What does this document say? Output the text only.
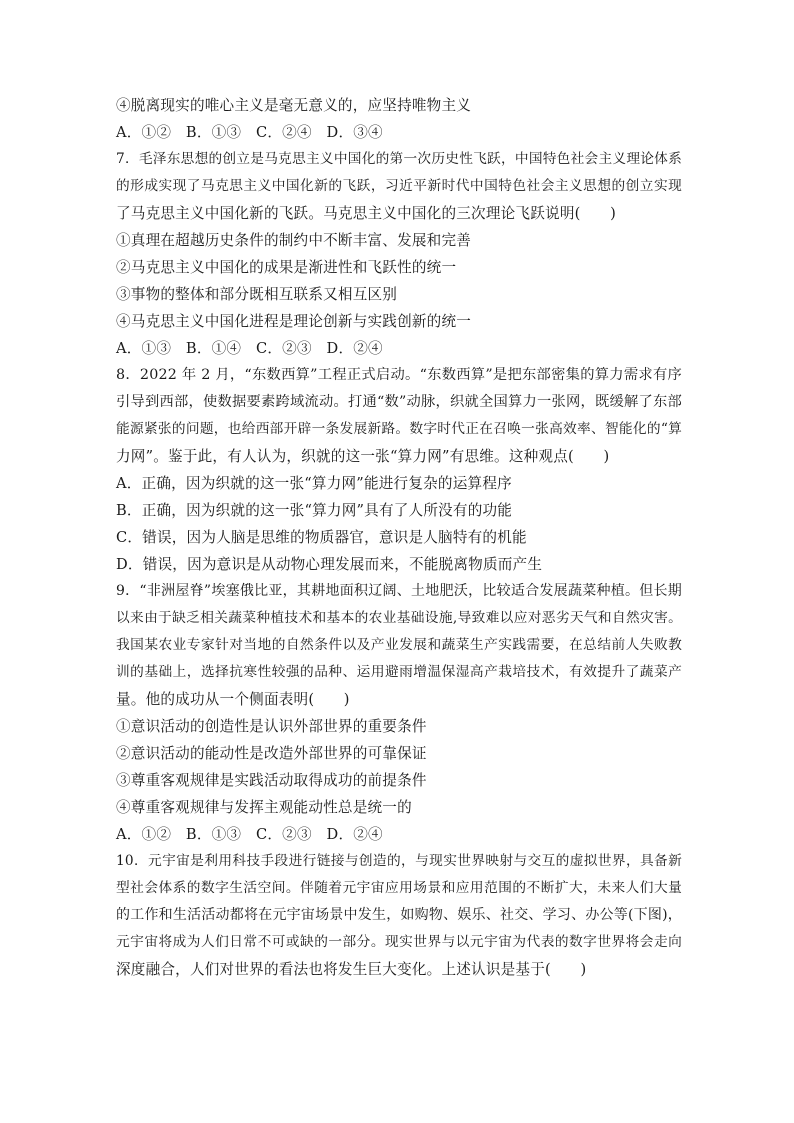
④脱离现实的唯心主义是毫无意义的，应坚持唯物主义
A．①②　B．①③　C．②④　D．③④
7．毛泽东思想的创立是马克思主义中国化的第一次历史性飞跃，中国特色社会主义理论体系
的形成实现了马克思主义中国化新的飞跃，习近平新时代中国特色社会主义思想的创立实现
了马克思主义中国化新的飞跃。马克思主义中国化的三次理论飞跃说明(　　)
①真理在超越历史条件的制约中不断丰富、发展和完善
②马克思主义中国化的成果是渐进性和飞跃性的统一
③事物的整体和部分既相互联系又相互区别
④马克思主义中国化进程是理论创新与实践创新的统一
A．①③　B．①④　C．②③　D．②④
8．2022 年 2 月，“东数西算”工程正式启动。“东数西算”是把东部密集的算力需求有序
引导到西部，使数据要素跨域流动。打通“数”动脉，织就全国算力一张网，既缓解了东部
能源紧张的问题，也给西部开辟一条发展新路。数字时代正在召唤一张高效率、智能化的“算
力网”。鉴于此，有人认为，织就的这一张“算力网”有思维。这种观点(　　)
A．正确，因为织就的这一张“算力网”能进行复杂的运算程序
B．正确，因为织就的这一张“算力网”具有了人所没有的功能
C．错误，因为人脑是思维的物质器官，意识是人脑特有的机能
D．错误，因为意识是从动物心理发展而来，不能脱离物质而产生
9．“非洲屋脊”埃塞俄比亚，其耕地面积辽阔、土地肥沃，比较适合发展蔬菜种植。但长期
以来由于缺乏相关蔬菜种植技术和基本的农业基础设施,导致难以应对恶劣天气和自然灾害。
我国某农业专家针对当地的自然条件以及产业发展和蔬菜生产实践需要，在总结前人失败教
训的基础上，选择抗寒性较强的品种、运用避雨增温保湿高产栽培技术，有效提升了蔬菜产
量。他的成功从一个侧面表明(　　)
①意识活动的创造性是认识外部世界的重要条件
②意识活动的能动性是改造外部世界的可靠保证
③尊重客观规律是实践活动取得成功的前提条件
④尊重客观规律与发挥主观能动性总是统一的
A．①②　B．①③　C．②③　D．②④
10．元宇宙是利用科技手段进行链接与创造的，与现实世界映射与交互的虚拟世界，具备新
型社会体系的数字生活空间。伴随着元宇宙应用场景和应用范围的不断扩大，未来人们大量
的工作和生活活动都将在元宇宙场景中发生，如购物、娱乐、社交、学习、办公等(下图)，
元宇宙将成为人们日常不可或缺的一部分。现实世界与以元宇宙为代表的数字世界将会走向
深度融合，人们对世界的看法也将发生巨大变化。上述认识是基于(　　)
